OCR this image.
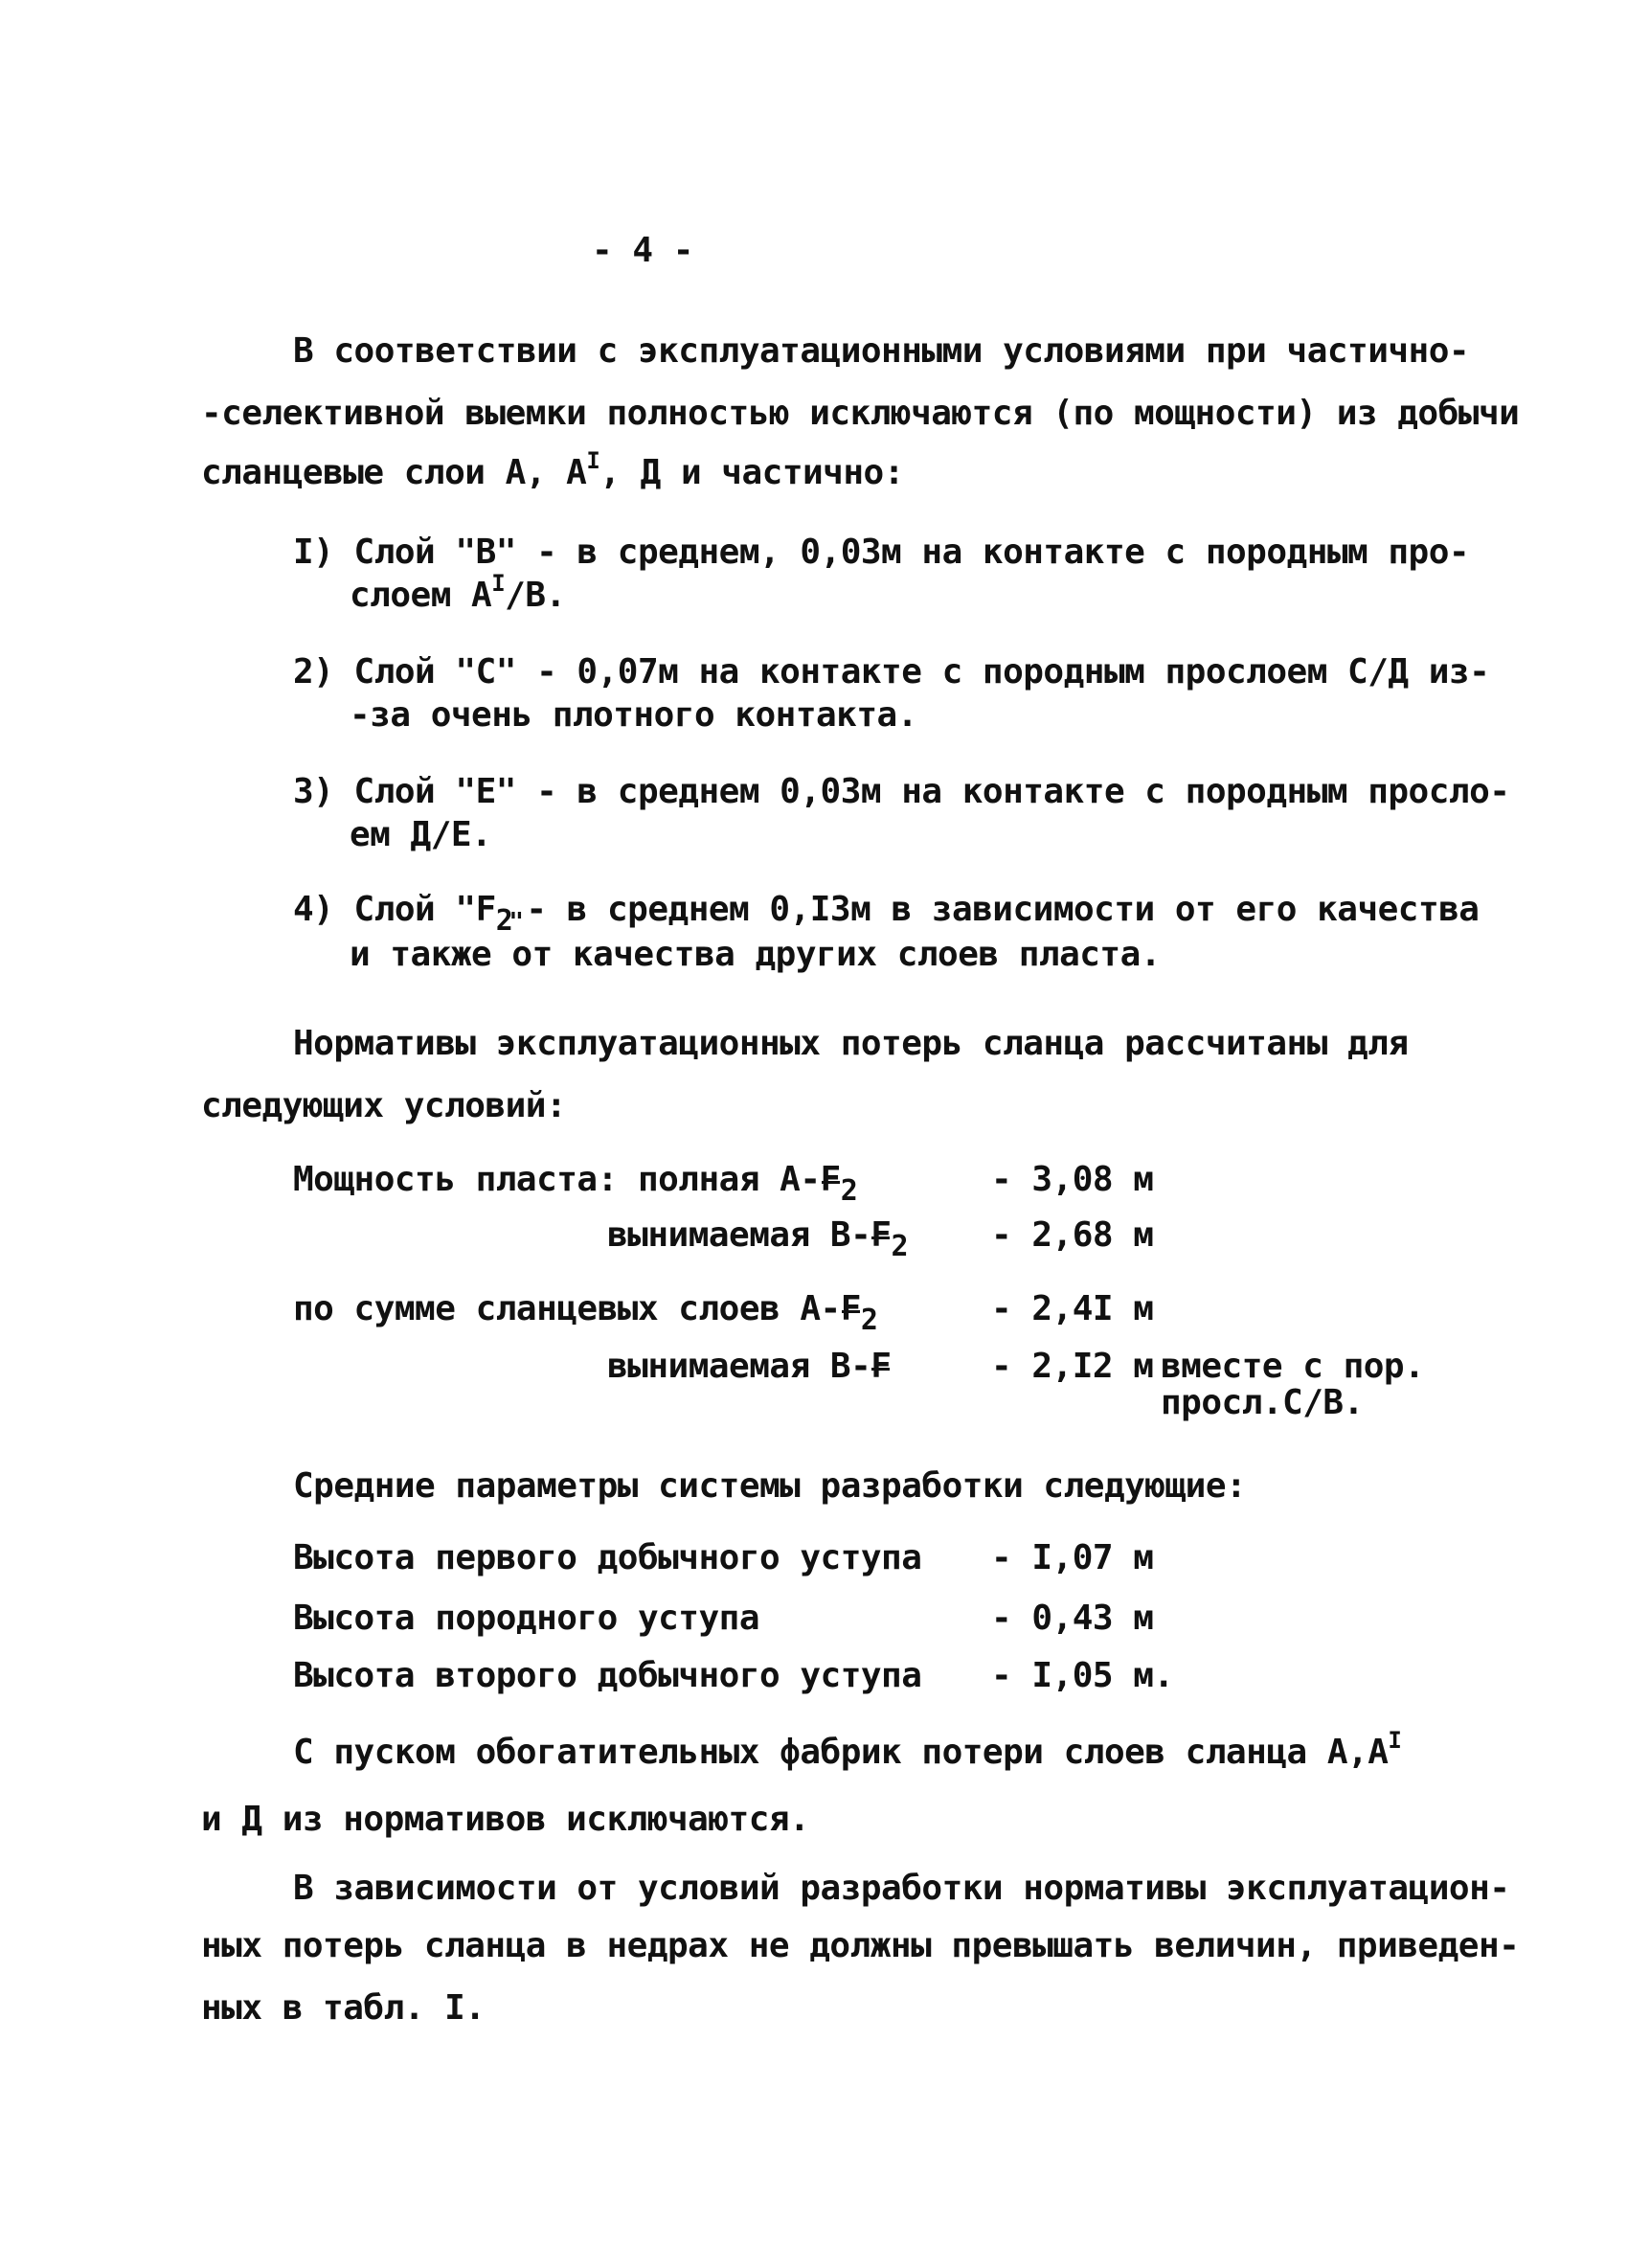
- 4 -
В соответствии с эксплуатационными условиями при частично-
-селективной выемки полностью исключаются (по мощности) из добычи
сланцевые слои А, $А^I$, Д и частично:
I) Слой "В" - в среднем, 0,03м на контакте с породным про-
слоем $А^I/В$.
2) Слой "С" - 0,07м на контакте с породным прослоем С/Д из-
-за очень плотного контакта.
3) Слой "Е" - в среднем 0,03м на контакте с породным просло-
ем Д/Е.
4) Слой "$F_2$
" - в среднем 0,I3м в зависимости от его качества
и также от качества других слоев пласта.
Нормативы эксплуатационных потерь сланца рассчитаны для
следующих условий:
Мощность пласта: полная $А-F_2$	- 3,08 м
вынимаемая $В-F_2 - 2,68$ м
по сумме сланцевых слоев $А-F_2$	- 2,4I м
вынимаемая В-F	- 2,I2 м вместе с пор.
просл.С/В.
Средние параметры системы разработки следующие:
Высота первого добычного уступа - I,07 м
Высота породного уступа	- 0,43 м
Высота второго добычного уступа - I,05 м.
С пуском обогатительных фабрик потери слоев сланца $А,А^I$
и Д из нормативов исключаются.
В зависимости от условий разработки нормативы эксплуатацион-
ных потерь сланца в недрах не должны превышать величин, приведен-
ных в табл. I.
